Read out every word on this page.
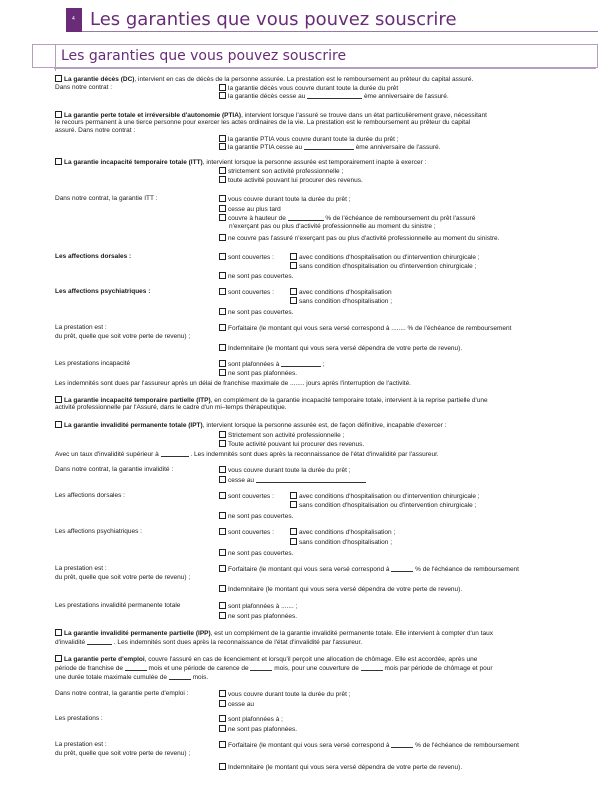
4 Les garanties que vous pouvez souscrire
Les garanties que vous pouvez souscrire
La garantie décès (DC), intervient en cas de décès de la personne assurée. La prestation est le remboursement au prêteur du capital assuré.
Dans notre contrat :	la garantie décès vous couvre durant toute la durée du prêt
la garantie décès cesse au	ème anniversaire de l'assuré.
La garantie perte totale et irréversible d'autonomie (PTIA), intervient lorsque l'assuré se trouve dans un état particulièrement grave, nécessitant
le recours permanent à une tierce personne pour exercer les actes ordinaires de la vie. La prestation est le remboursement au prêteur du capital
assuré. Dans notre contrat :
la garantie PTIA vous couvre durant toute la durée du prêt ;
la garantie PTIA cesse au	ème anniversaire de l'assuré.
La garantie incapacité temporaire totale (ITT), intervient lorsque la personne assurée est temporairement inapte à exercer :
strictement son activité professionnelle ;
toute activité pouvant lui procurer des revenus.
Dans notre contrat, la garantie ITT :	vous couvre durant toute la durée du prêt ;
cesse au plus tard
couvre à hauteur de	% de l'échéance de remboursement du prêt l'assuré
n'exerçant pas ou plus d'activité professionnelle au moment du sinistre ;
ne couvre pas l'assuré n'exerçant pas ou plus d'activité professionnelle au moment du sinistre.
Les affections dorsales :	sont couvertes :	avec conditions d'hospitalisation ou d'intervention chirurgicale ;
sans condition d'hospitalisation ou d'intervention chirurgicale ;
ne sont pas couvertes.
Les affections psychiatriques :	sont couvertes :	avec conditions d'hospitalisation
sans condition d'hospitalisation ;
ne sont pas couvertes.
La prestation est :	Forfaitaire (le montant qui vous sera versé correspond à ........ % de l'échéance de remboursement
du prêt, quelle que soit votre perte de revenu) ;
Indemnitaire (le montant qui vous sera versé dépendra de votre perte de revenu).
Les prestations incapacité	sont plafonnées à	;
ne sont pas plafonnées.
Les indemnités sont dues par l'assureur après un délai de franchise maximale de ........ jours après l'interruption de l'activité.
La garantie incapacité temporaire partielle (ITP), en complément de la garantie incapacité temporaire totale, intervient à la reprise partielle d'une
activité professionnelle par l'Assuré, dans le cadre d'un mi–temps thérapeutique.
La garantie invalidité permanente totale (IPT), intervient lorsque la personne assurée est, de façon définitive, incapable d'exercer :
Strictement son activité professionnelle ;
Toute activité pouvant lui procurer des revenus.
Avec un taux d'invalidité supérieur à	. Les indemnités sont dues après la reconnaissance de l'état d'invalidité par l'assureur.
Dans notre contrat, la garantie invalidité :	vous couvre durant toute la durée du prêt ;
cesse au
Les affections dorsales :	sont couvertes :	avec conditions d'hospitalisation ou d'intervention chirurgicale ;
sans condition d'hospitalisation ou d'intervention chirurgicale ;
ne sont pas couvertes.
Les affections psychiatriques :	sont couvertes :	avec conditions d'hospitalisation ;
sans condition d'hospitalisation ;
ne sont pas couvertes.
La prestation est :	Forfaitaire (le montant qui vous sera versé correspond à	% de l'échéance de remboursement
du prêt, quelle que soit votre perte de revenu) ;
Indemnitaire (le montant qui vous sera versé dépendra de votre perte de revenu).
Les prestations invalidité permanente totale	sont plafonnées à ....... ;
ne sont pas plafonnées.
La garantie invalidité permanente partielle (IPP), est un complément de la garantie invalidité permanente totale. Elle intervient à compter d'un taux
d'invalidité	. Les indemnités sont dues après la reconnaissance de l'état d'invalidité par l'assureur.
La garantie perte d'emploi, couvre l'assuré en cas de licenciement et lorsqu'il perçoit une allocation de chômage. Elle est accordée, après une
période de franchise de	mois et une période de carence de	mois, pour une couverture de	mois par période de chômage et pour
une durée totale maximale cumulée de	mois.
Dans notre contrat, la garantie perte d'emploi :	vous couvre durant toute la durée du prêt ;
cesse au
Les prestations :	sont plafonnées à ;
ne sont pas plafonnées.
La prestation est :	Forfaitaire (le montant qui vous sera versé correspond à	% de l'échéance de remboursement
du prêt, quelle que soit votre perte de revenu) ;
Indemnitaire (le montant qui vous sera versé dépendra de votre perte de revenu).
